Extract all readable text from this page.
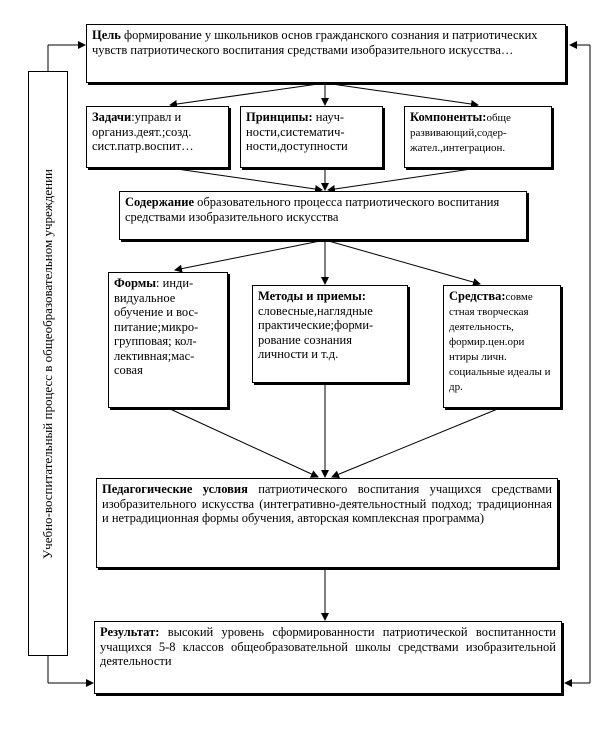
Учебно-воспитательный процесс в общеобразовательном учреждении
Цель формирование у школьников основ гражданского сознания и патриотических чувств патриотического воспитания средствами изобразительного искусства…
Задачи:управл и организ.деят.;созд. сист.патр.воспит…
Принципы: науч-ности,систематич-ности,доступности
Компоненты:обще развивающий,содер-жател.,интеграцион.
Содержание образовательного процесса патриотического воспитания средствами изобразительного искусства
Формы: инди-видуальное обучение и вос-питание;микро-групповая; кол-лективная;мас-совая
Методы и приемы: словесные,наглядные практические;форми-рование сознания личности и т.д.
Средства:совме стная творческая деятельность, формир.цен.ори нтиры личн. социальные идеалы и др.
Педагогические условия патриотического воспитания учащихся средствами изобразительного искусства (интегративно-деятельностный подход; традиционная и нетрадиционная формы обучения, авторская комплексная программа)
Результат: высокий уровень сформированности патриотической воспитанности учащихся 5-8 классов общеобразовательной школы средствами изобразительной деятельности
